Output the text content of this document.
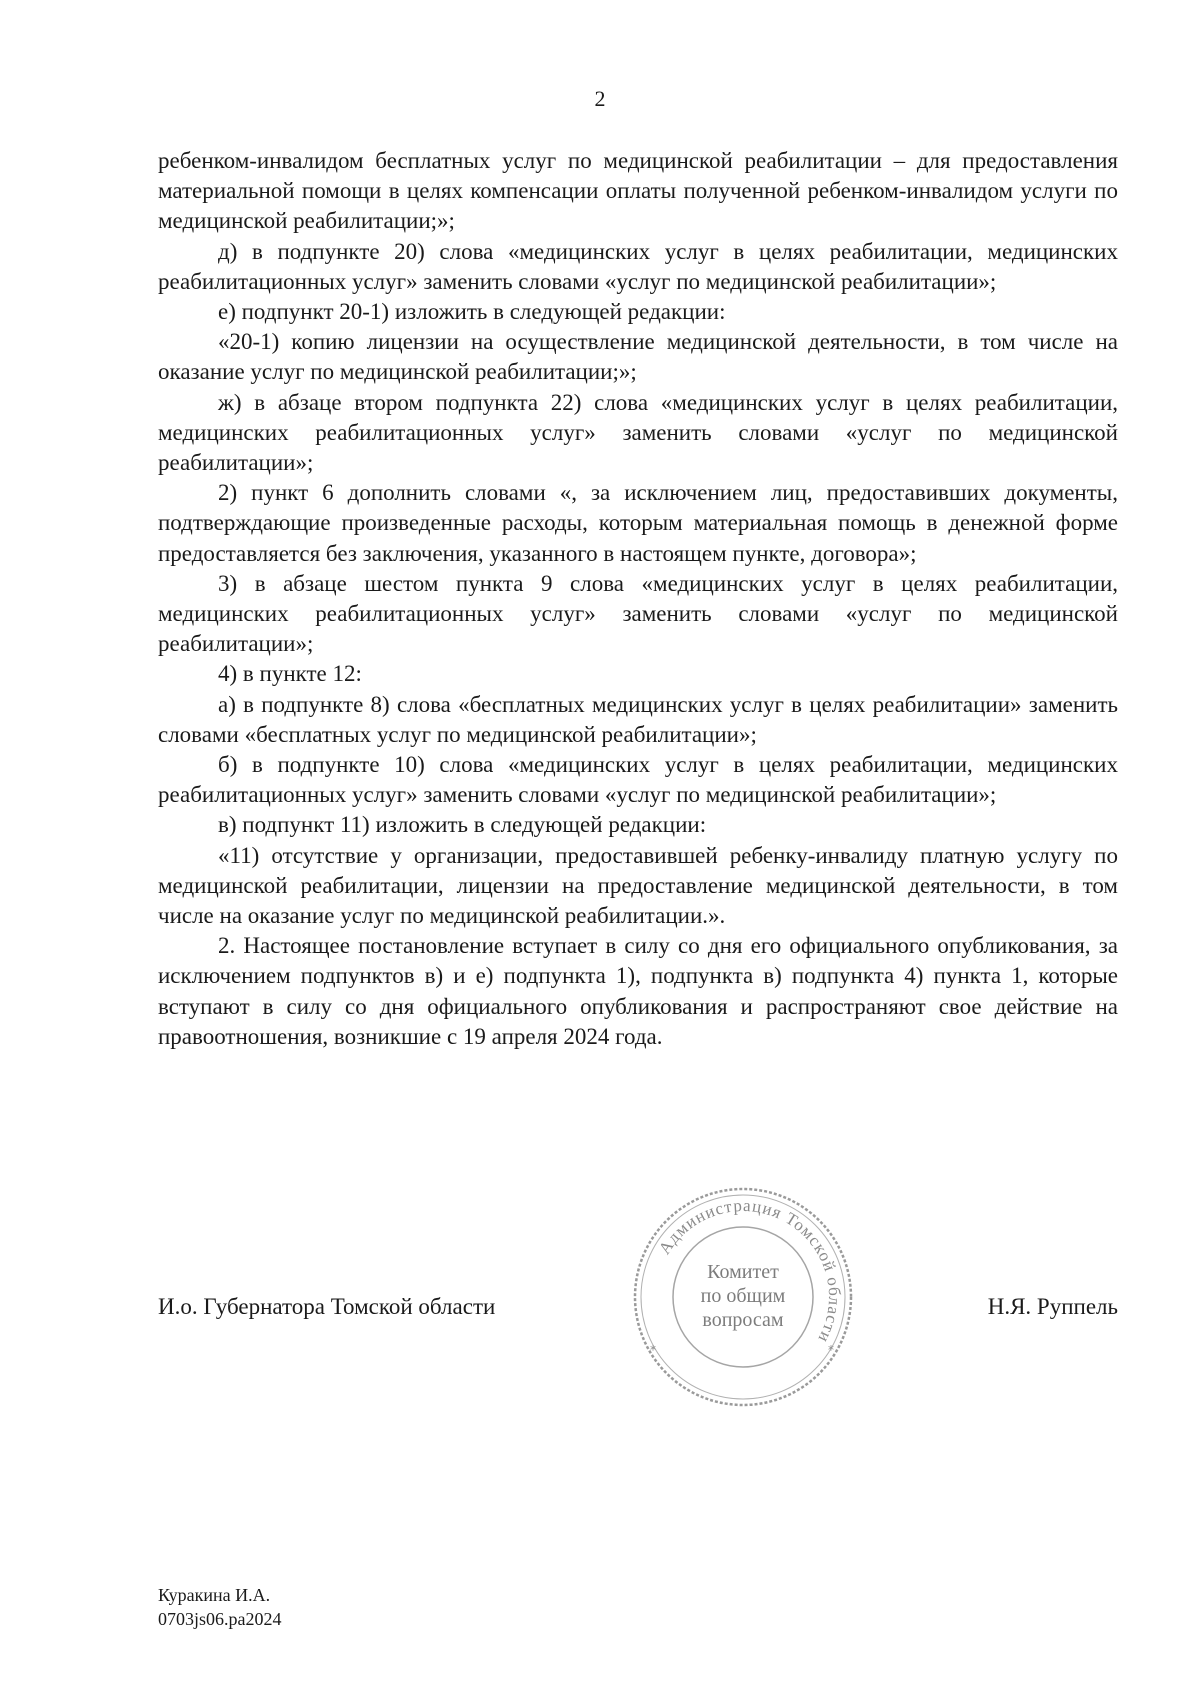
2

ребенком-инвалидом бесплатных услуг по медицинской реабилитации – для предоставления материальной помощи в целях компенсации оплаты полученной ребенком-инвалидом услуги по медицинской реабилитации;»;

д) в подпункте 20) слова «медицинских услуг в целях реабилитации, медицинских реабилитационных услуг» заменить словами «услуг по медицинской реабилитации»;

е) подпункт 20-1) изложить в следующей редакции:

«20-1) копию лицензии на осуществление медицинской деятельности, в том числе на оказание услуг по медицинской реабилитации;»;

ж) в абзаце втором подпункта 22) слова «медицинских услуг в целях реабилитации, медицинских реабилитационных услуг» заменить словами «услуг по медицинской реабилитации»;

2) пункт 6 дополнить словами «, за исключением лиц, предоставивших документы, подтверждающие произведенные расходы, которым материальная помощь в денежной форме предоставляется без заключения, указанного в настоящем пункте, договора»;

3) в абзаце шестом пункта 9 слова «медицинских услуг в целях реабилитации, медицинских реабилитационных услуг» заменить словами «услуг по медицинской реабилитации»;

4) в пункте 12:

а) в подпункте 8) слова «бесплатных медицинских услуг в целях реабилитации» заменить словами «бесплатных услуг по медицинской реабилитации»;

б) в подпункте 10) слова «медицинских услуг в целях реабилитации, медицинских реабилитационных услуг» заменить словами «услуг по медицинской реабилитации»;

в) подпункт 11) изложить в следующей редакции:

«11) отсутствие у организации, предоставившей ребенку-инвалиду платную услугу по медицинской реабилитации, лицензии на предоставление медицинской деятельности, в том числе на оказание услуг по медицинской реабилитации.».

2. Настоящее постановление вступает в силу со дня его официального опубликования, за исключением подпунктов в) и е) подпункта 1), подпункта в) подпункта 4) пункта 1, которые вступают в силу со дня официального опубликования и распространяют свое действие на правоотношения, возникшие с 19 апреля 2024 года.

И.о. Губернатора Томской области	Н.Я. Руппель
Администрация Томской области
*	*
Комитет
по общим
вопросам
Куракина И.А.
0703js06.pa2024
